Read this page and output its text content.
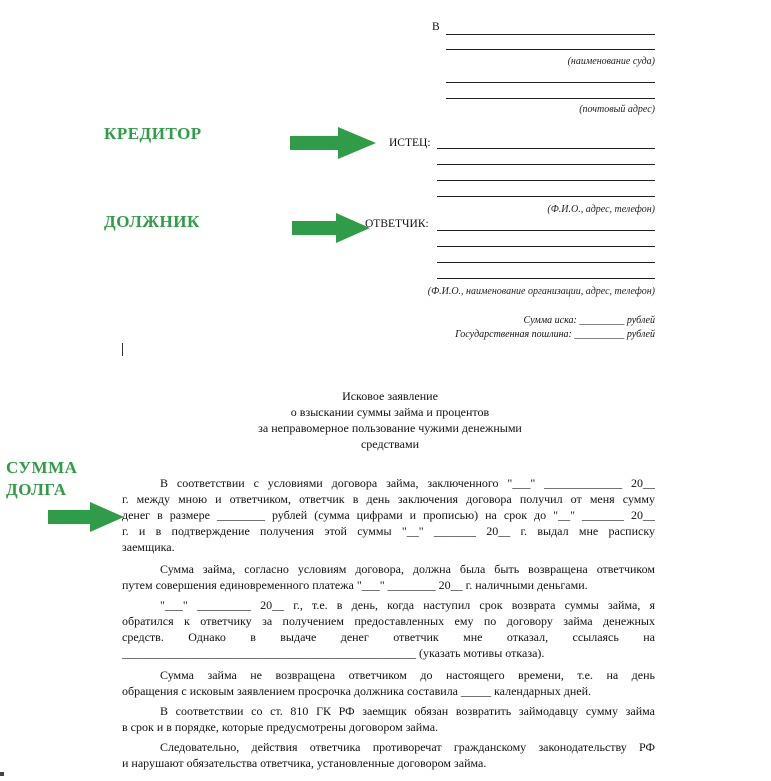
В
(наименование суда)
(почтовый адрес)
КРЕДИТОР	ИСТЕЦ:
(Ф.И.О., адрес, телефон)
ДОЛЖНИК	ОТВЕТЧИК:
(Ф.И.О., наименование организации, адрес, телефон)
Сумма иска: _________ рублей
Государственная пошлина: __________ рублей
Исковое заявление
о взыскании суммы займа и процентов
за неправомерное пользование чужими денежными
средствами
СУММА
ДОЛГА	В соответствии с условиями договора займа, заключенного "___" _____________ 20__
г. между мною и ответчиком, ответчик в день заключения договора получил от меня сумму
денег в размере ________ рублей (сумма цифрами и прописью) на срок до "__" _______ 20__
г. и в подтверждение получения этой суммы "__" _______ 20__ г. выдал мне расписку
заемщика.
Сумма займа, согласно условиям договора, должна была быть возвращена ответчиком
путем совершения единовременного платежа "___" ________ 20__ г. наличными деньгами.
"___" _________ 20__ г., т.е. в день, когда наступил срок возврата суммы займа, я
обратился к ответчику за получением предоставленных ему по договору займа денежных
средств. Однако в выдаче денег ответчик мне отказал, ссылаясь на
_________________________________________________ (указать мотивы отказа).
Сумма займа не возвращена ответчиком до настоящего времени, т.е. на день
обращения с исковым заявлением просрочка должника составила _____ календарных дней.
В соответствии со ст. 810 ГК РФ заемщик обязан возвратить займодавцу сумму займа
в срок и в порядке, которые предусмотрены договором займа.
Следовательно, действия ответчика противоречат гражданскому законодательству РФ
и нарушают обязательства ответчика, установленные договором займа.
